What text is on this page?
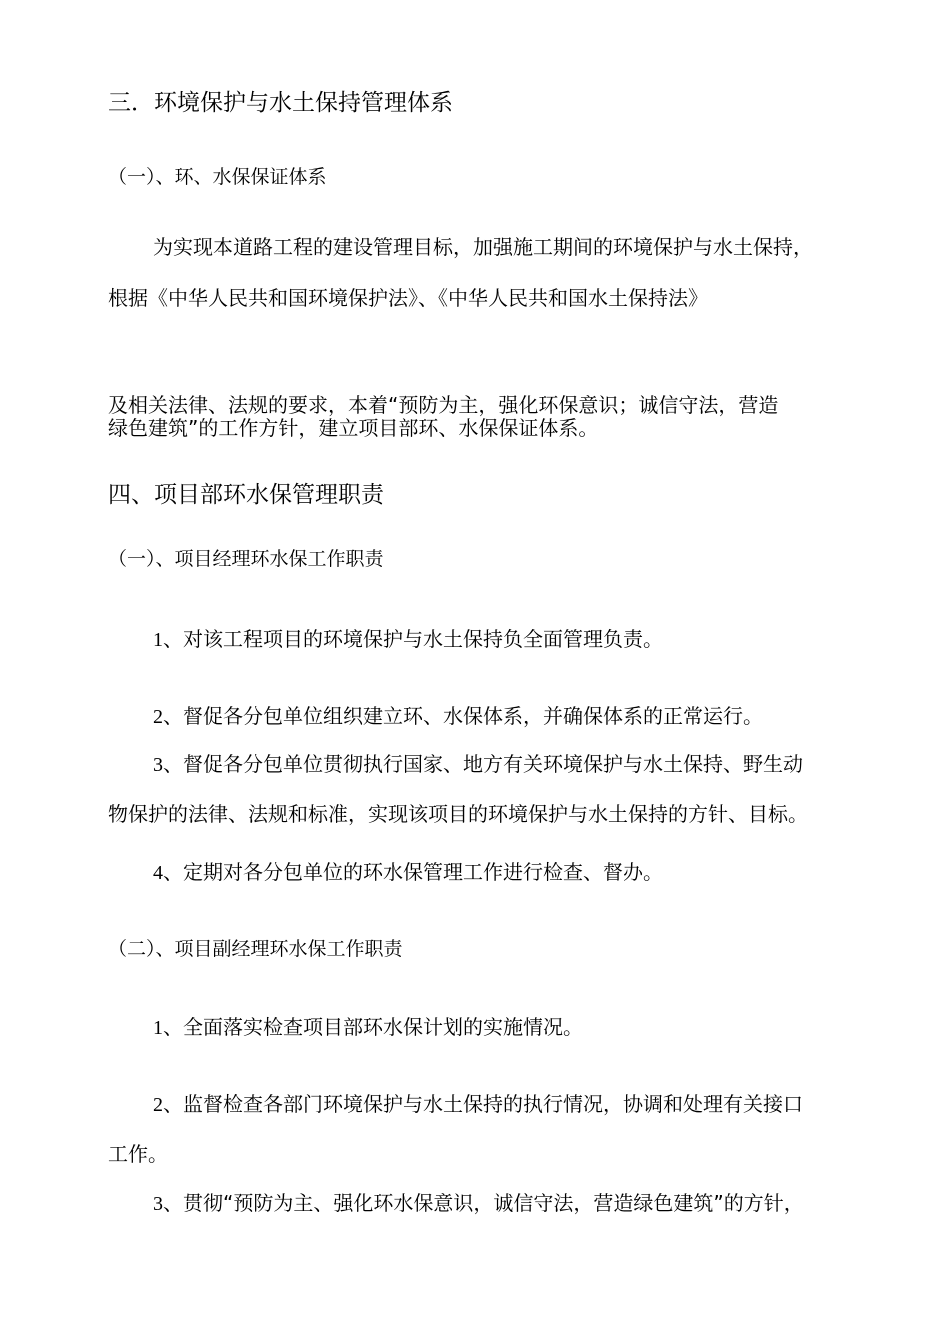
三．环境保护与水土保持管理体系
（一）、环、水保保证体系
为实现本道路工程的建设管理目标，加强施工期间的环境保护与水土保持，
根据《中华人民共和国环境保护法》、《中华人民共和国水土保持法》
及相关法律、法规的要求，本着“预防为主，强化环保意识；诚信守法，营造
绿色建筑”的工作方针，建立项目部环、水保保证体系。
四、项目部环水保管理职责
（一）、项目经理环水保工作职责
1、对该工程项目的环境保护与水土保持负全面管理负责。
2、督促各分包单位组织建立环、水保体系，并确保体系的正常运行。
3、督促各分包单位贯彻执行国家、地方有关环境保护与水土保持、野生动
物保护的法律、法规和标准，实现该项目的环境保护与水土保持的方针、目标。
4、定期对各分包单位的环水保管理工作进行检查、督办。
（二）、项目副经理环水保工作职责
1、全面落实检查项目部环水保计划的实施情况。
2、监督检查各部门环境保护与水土保持的执行情况，协调和处理有关接口
工作。
3、贯彻“预防为主、强化环水保意识，诚信守法，营造绿色建筑”的方针，
